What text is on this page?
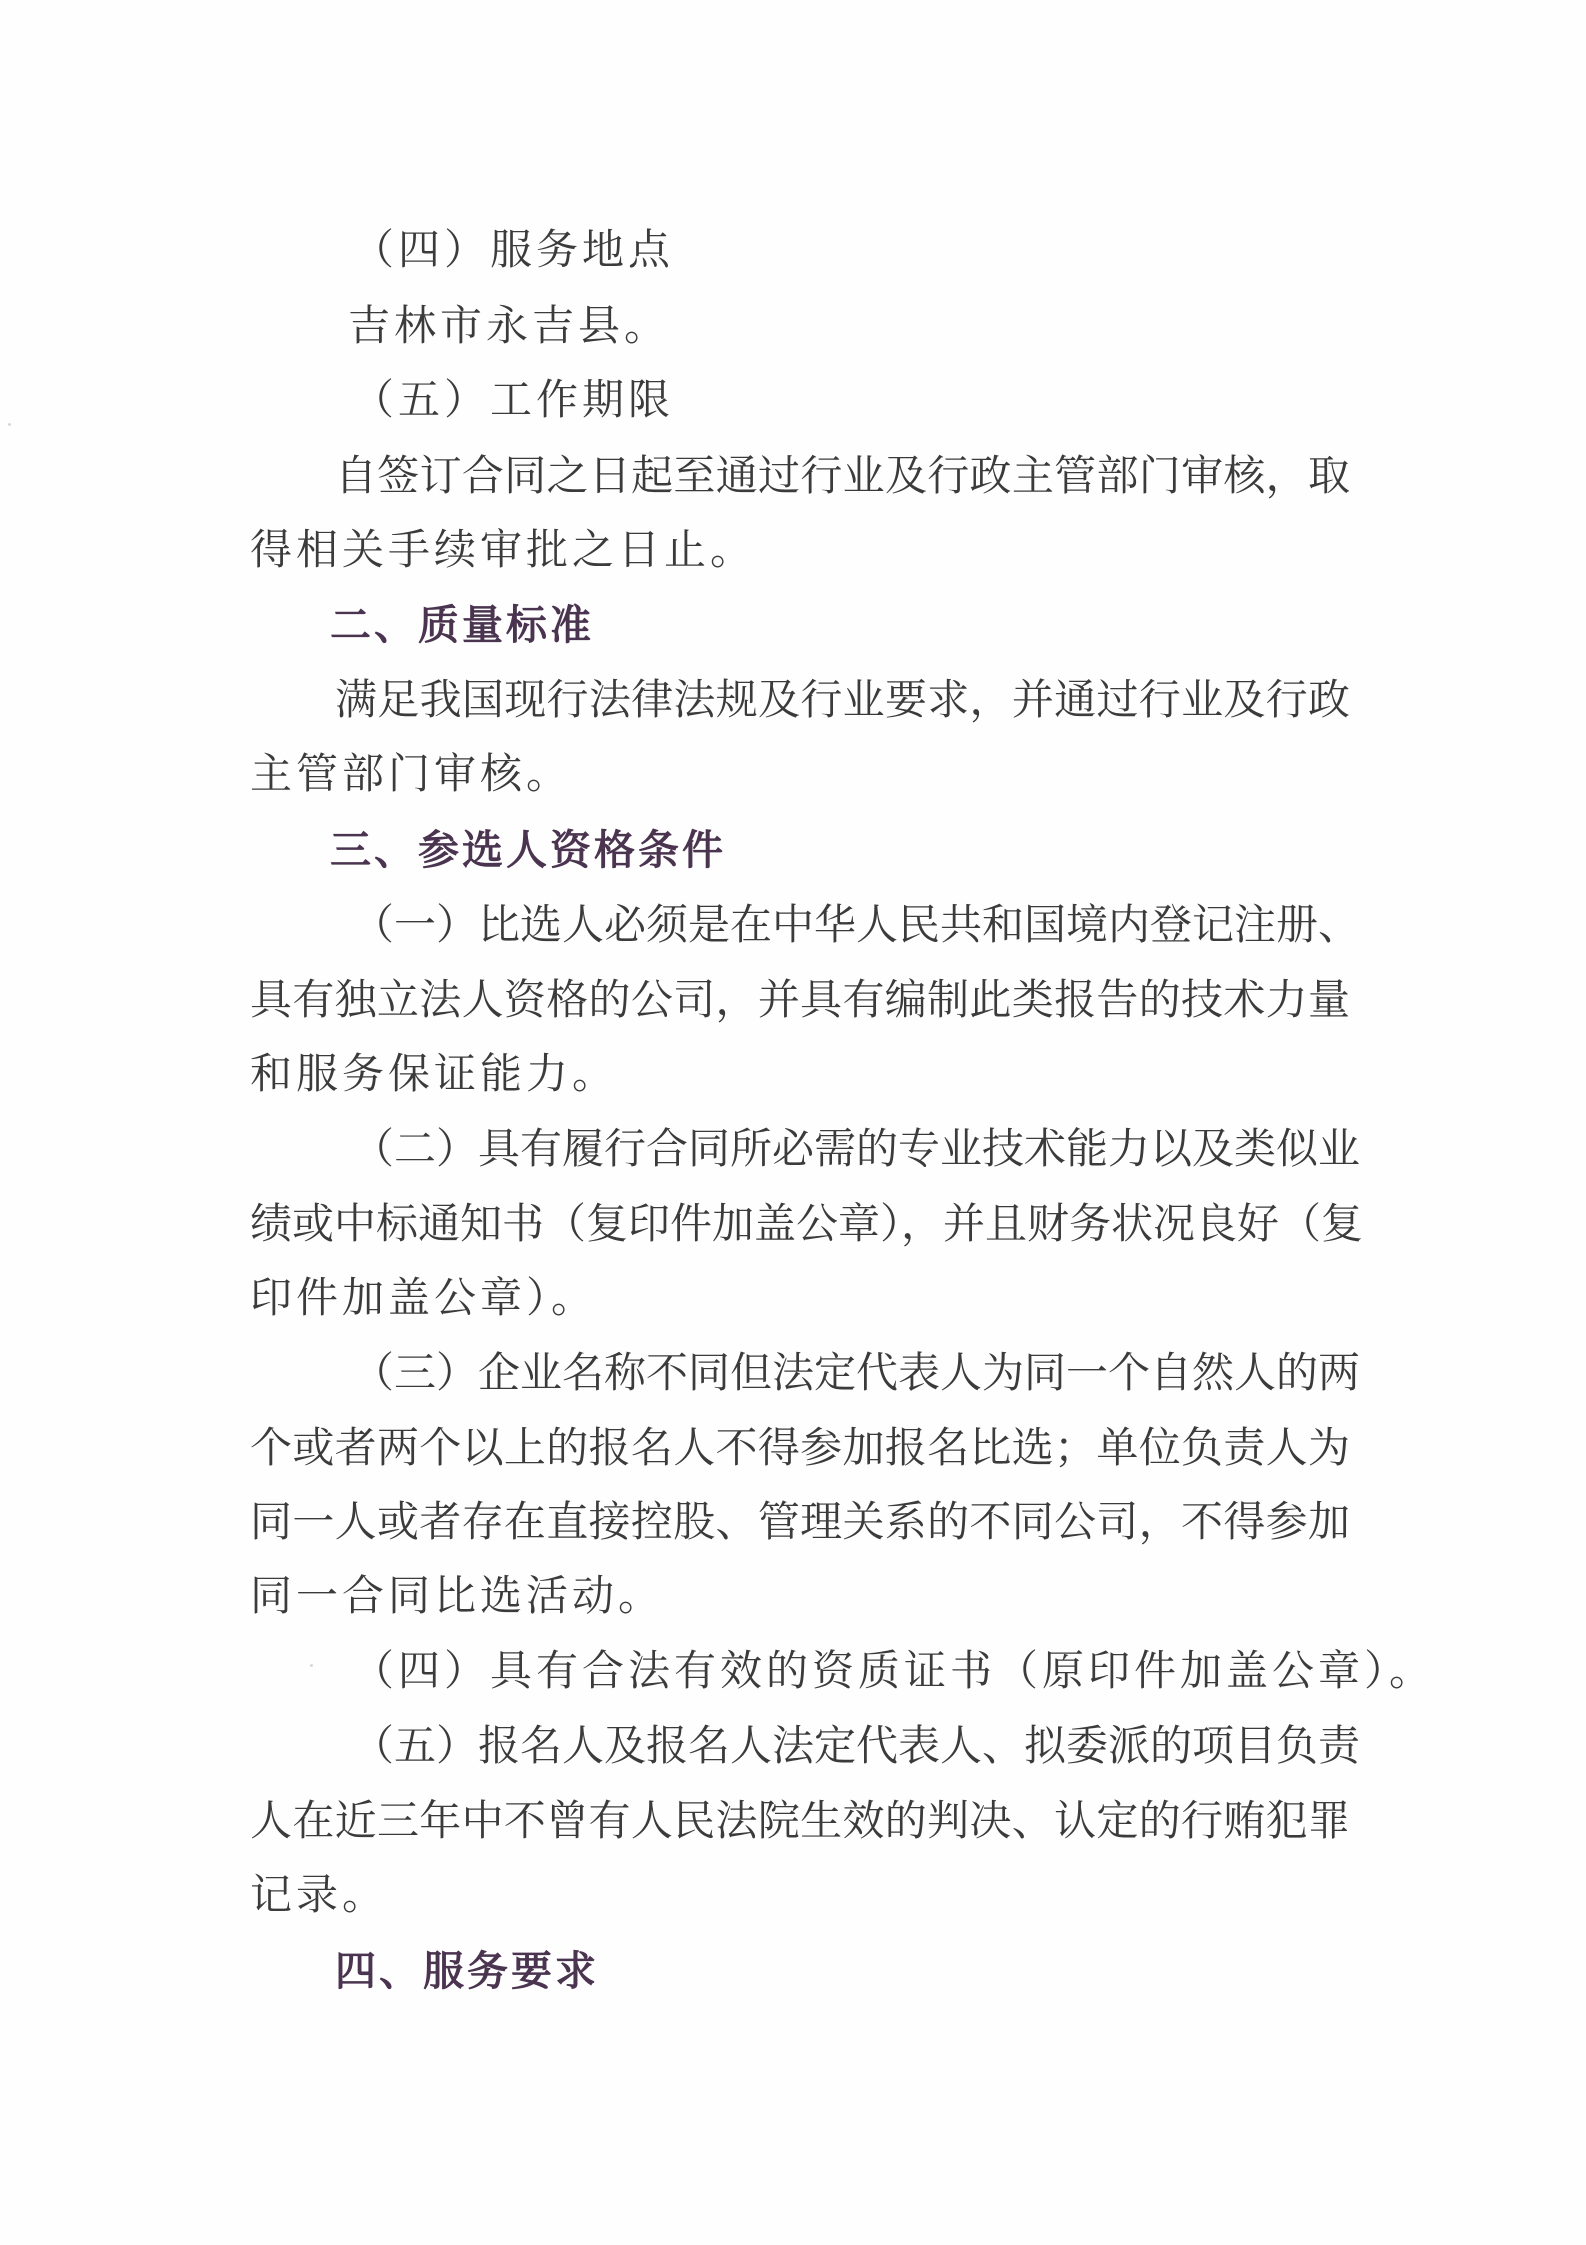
（四）服务地点
吉林市永吉县。
（五）工作期限
自签订合同之日起至通过行业及行政主管部门审核，取
得相关手续审批之日止。
二、质量标准
满足我国现行法律法规及行业要求，并通过行业及行政
主管部门审核。
三、参选人资格条件
（一）比选人必须是在中华人民共和国境内登记注册、
具有独立法人资格的公司，并具有编制此类报告的技术力量
和服务保证能力。
（二）具有履行合同所必需的专业技术能力以及类似业
绩或中标通知书（复印件加盖公章），并且财务状况良好（复
印件加盖公章）。
（三）企业名称不同但法定代表人为同一个自然人的两
个或者两个以上的报名人不得参加报名比选；单位负责人为
同一人或者存在直接控股、管理关系的不同公司，不得参加
同一合同比选活动。
（四）具有合法有效的资质证书（原印件加盖公章）。
（五）报名人及报名人法定代表人、拟委派的项目负责
人在近三年中不曾有人民法院生效的判决、认定的行贿犯罪
记录。
四、服务要求
